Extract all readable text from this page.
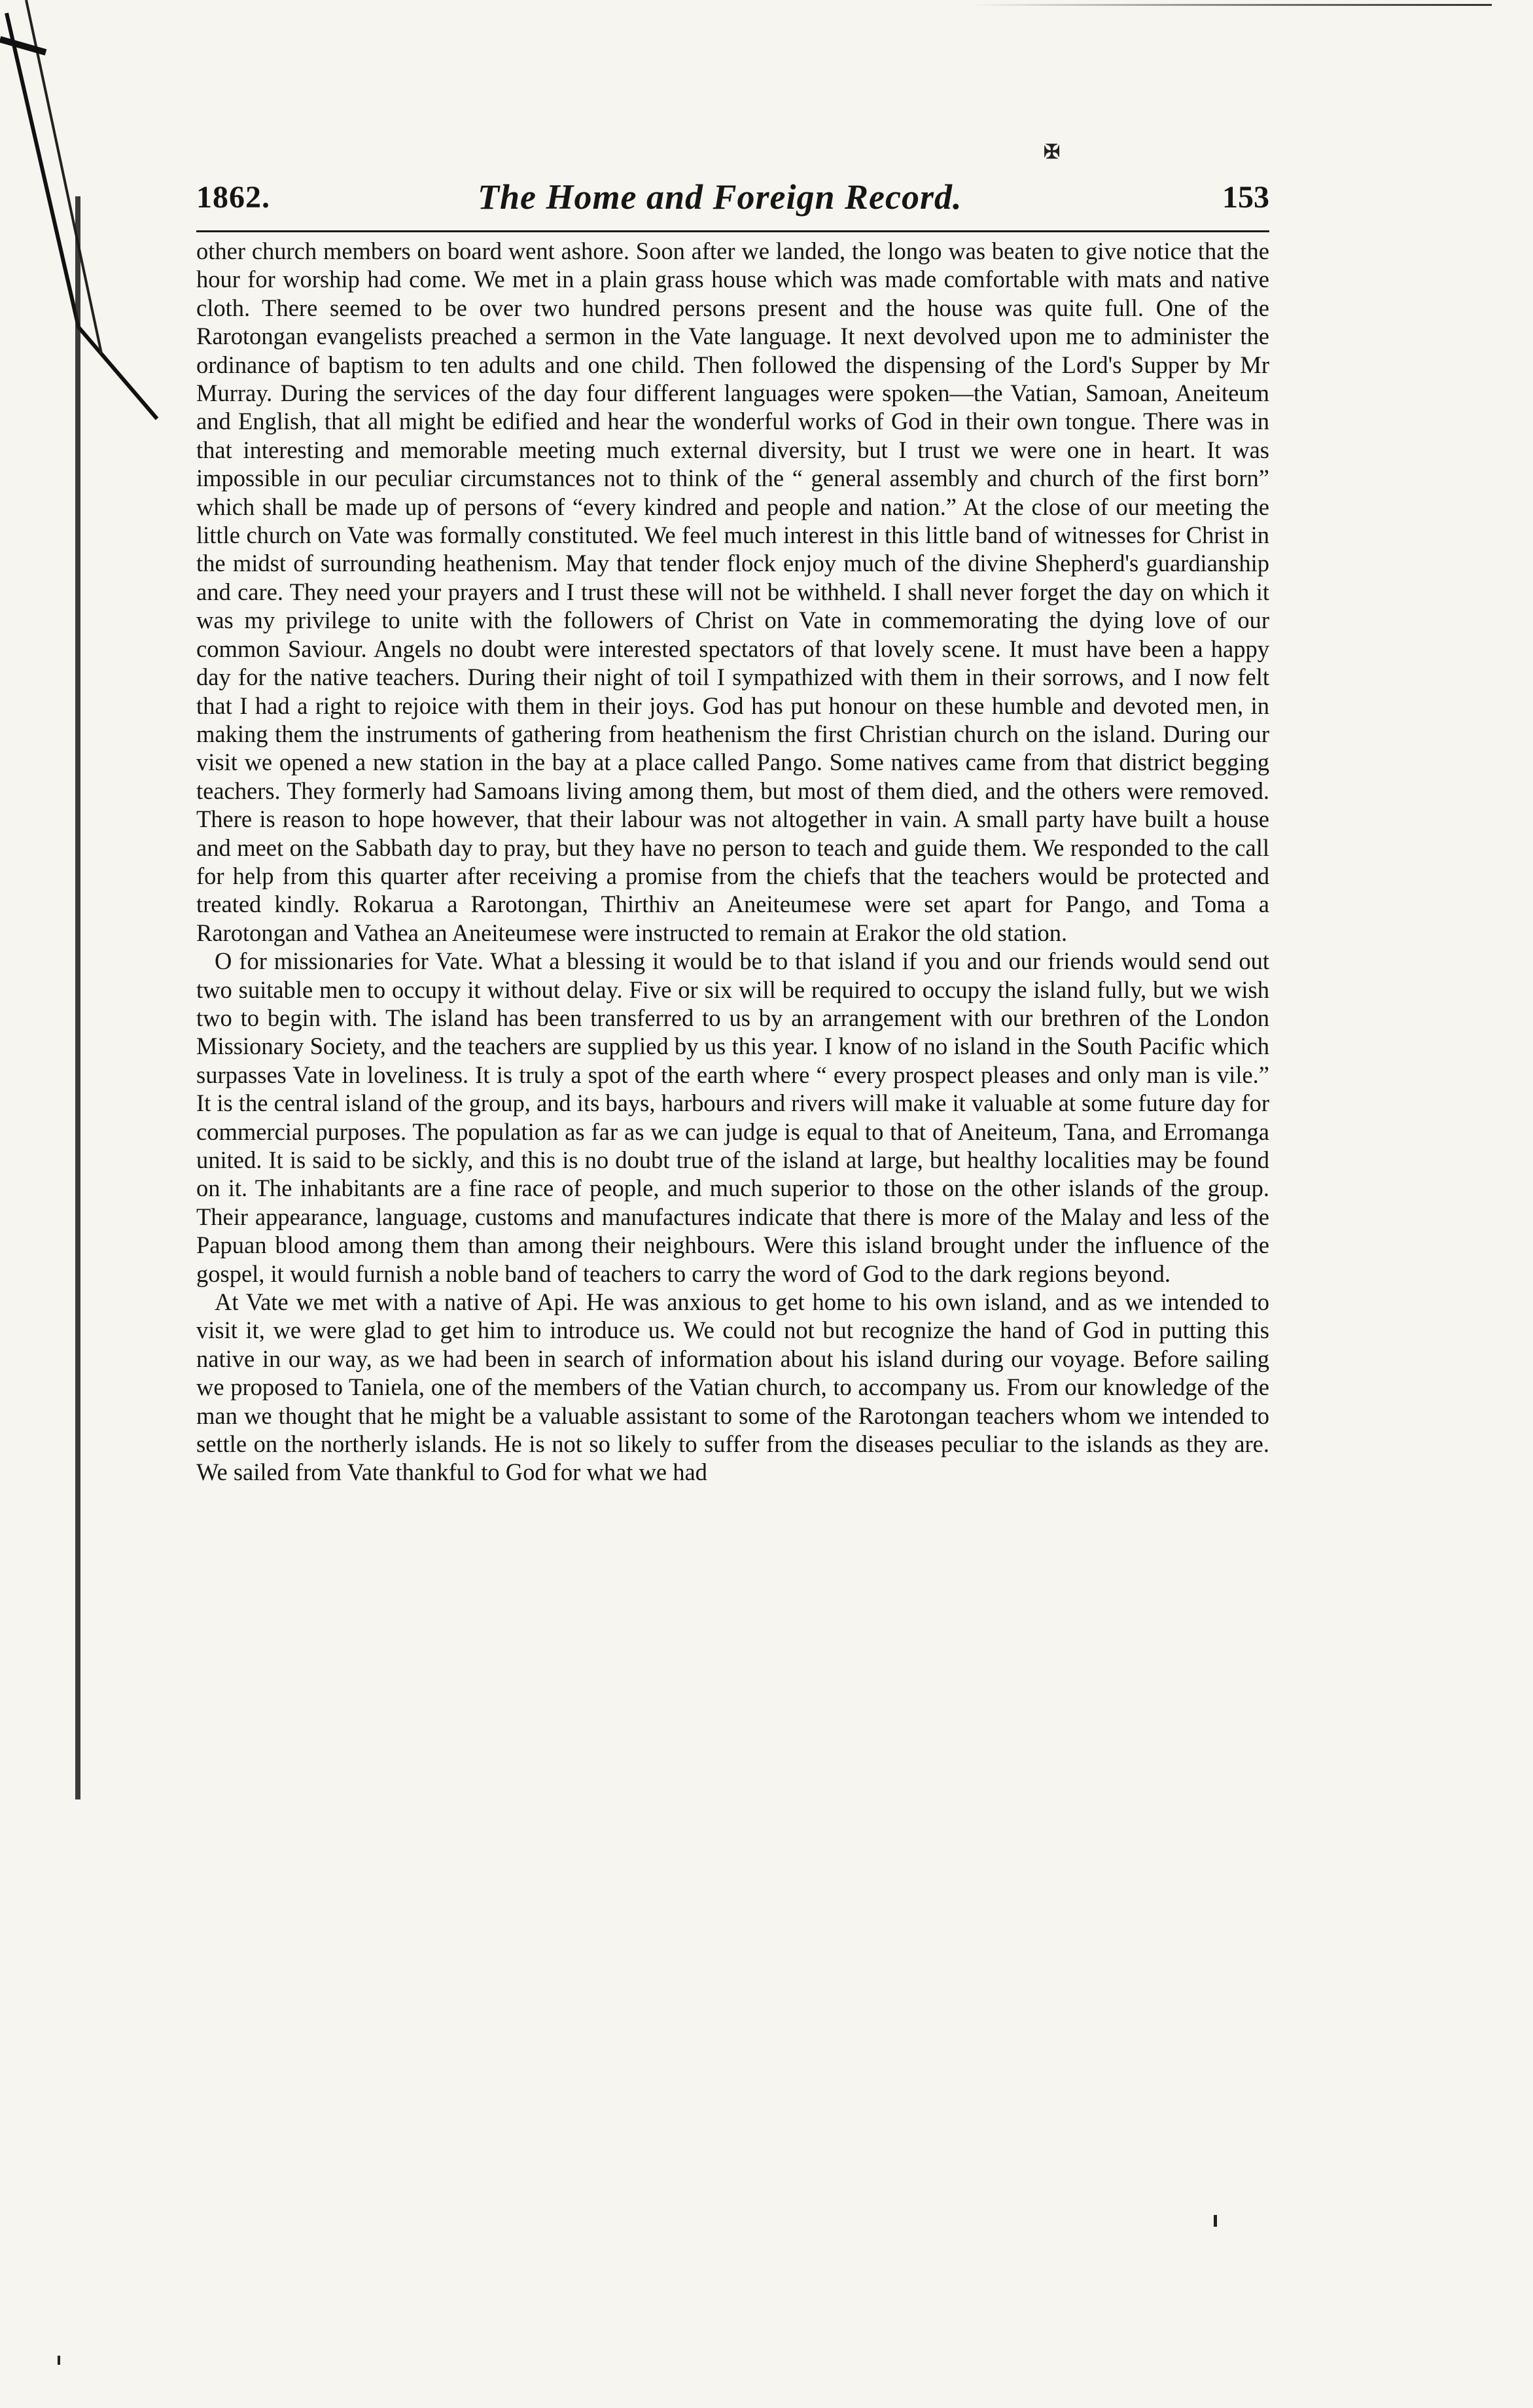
✠
1862.	The Home and Foreign Record.	153

other church members on board went ashore. Soon after we landed, the longo was beaten to give notice that the hour for worship had come. We met in a plain grass house which was made comfortable with mats and native cloth. There seemed to be over two hundred persons present and the house was quite full. One of the Rarotongan evangelists preached a sermon in the Vate language. It next devolved upon me to administer the ordinance of baptism to ten adults and one child. Then followed the dispensing of the Lord's Supper by Mr Murray. During the services of the day four different languages were spoken—the Vatian, Samoan, Aneiteum and English, that all might be edified and hear the wonderful works of God in their own tongue. There was in that interesting and memorable meeting much external diversity, but I trust we were one in heart. It was impossible in our peculiar circumstances not to think of the “ general assembly and church of the first born” which shall be made up of persons of “every kindred and people and nation.” At the close of our meeting the little church on Vate was formally constituted. We feel much interest in this little band of witnesses for Christ in the midst of surrounding heathenism. May that tender flock enjoy much of the divine Shepherd's guardianship and care. They need your prayers and I trust these will not be withheld. I shall never forget the day on which it was my privilege to unite with the followers of Christ on Vate in commemorating the dying love of our common Saviour. Angels no doubt were interested spectators of that lovely scene. It must have been a happy day for the native teachers. During their night of toil I sympathized with them in their sorrows, and I now felt that I had a right to rejoice with them in their joys. God has put honour on these humble and devoted men, in making them the instruments of gathering from heathenism the first Christian church on the island. During our visit we opened a new station in the bay at a place called Pango. Some natives came from that district begging teachers. They formerly had Samoans living among them, but most of them died, and the others were removed. There is reason to hope however, that their labour was not altogether in vain. A small party have built a house and meet on the Sabbath day to pray, but they have no person to teach and guide them. We responded to the call for help from this quarter after receiving a promise from the chiefs that the teachers would be protected and treated kindly. Rokarua a Rarotongan, Thirthiv an Aneiteumese were set apart for Pango, and Toma a Rarotongan and Vathea an Aneiteumese were instructed to remain at Erakor the old station.

O for missionaries for Vate. What a blessing it would be to that island if you and our friends would send out two suitable men to occupy it without delay. Five or six will be required to occupy the island fully, but we wish two to begin with. The island has been transferred to us by an arrangement with our brethren of the London Missionary Society, and the teachers are supplied by us this year. I know of no island in the South Pacific which surpasses Vate in loveliness. It is truly a spot of the earth where “ every prospect pleases and only man is vile.” It is the central island of the group, and its bays, harbours and rivers will make it valuable at some future day for commercial purposes. The population as far as we can judge is equal to that of Aneiteum, Tana, and Erromanga united. It is said to be sickly, and this is no doubt true of the island at large, but healthy localities may be found on it. The inhabitants are a fine race of people, and much superior to those on the other islands of the group. Their appearance, language, customs and manufactures indicate that there is more of the Malay and less of the Papuan blood among them than among their neighbours. Were this island brought under the influence of the gospel, it would furnish a noble band of teachers to carry the word of God to the dark regions beyond.

At Vate we met with a native of Api. He was anxious to get home to his own island, and as we intended to visit it, we were glad to get him to introduce us. We could not but recognize the hand of God in putting this native in our way, as we had been in search of information about his island during our voyage. Before sailing we proposed to Taniela, one of the members of the Vatian church, to accompany us. From our knowledge of the man we thought that he might be a valuable assistant to some of the Rarotongan teachers whom we intended to settle on the northerly islands. He is not so likely to suffer from the diseases peculiar to the islands as they are. We sailed from Vate thankful to God for what we had
